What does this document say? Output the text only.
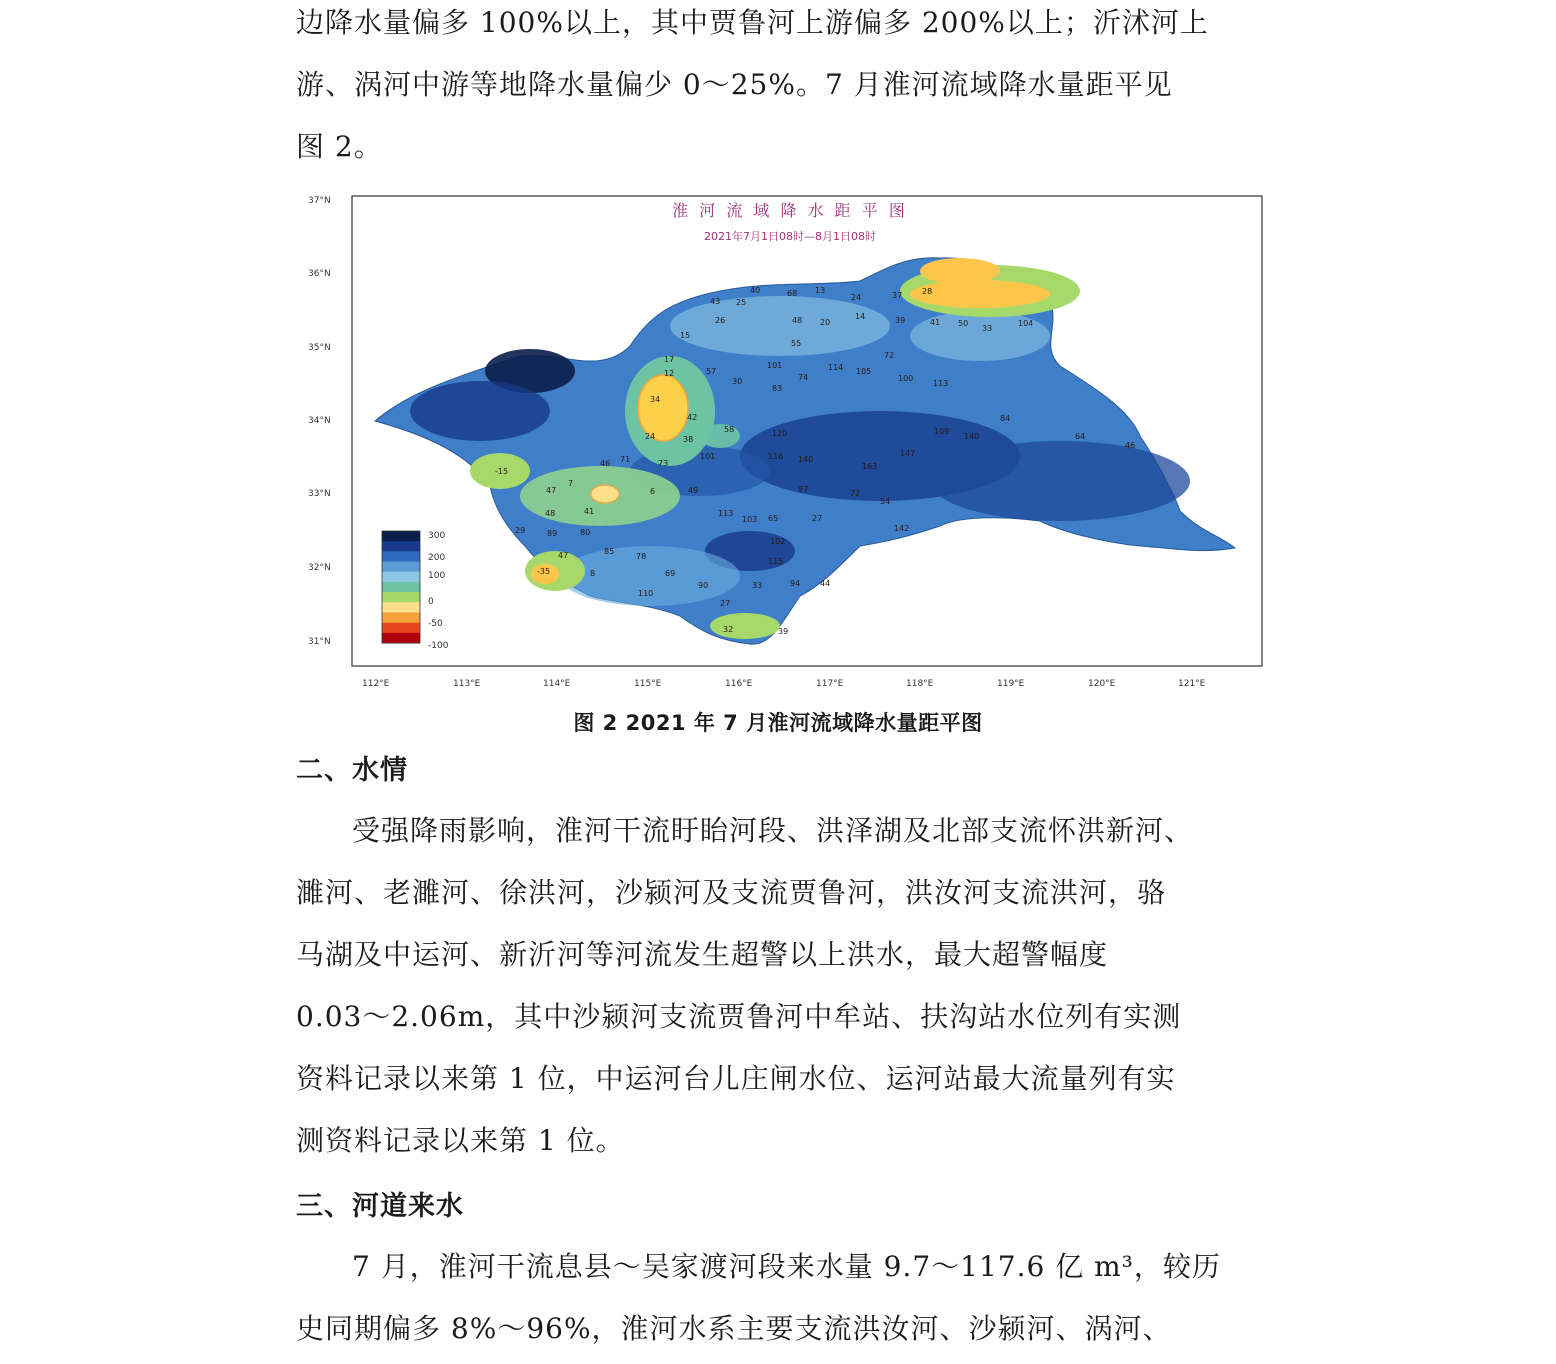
边降水量偏多 100%以上，其中贾鲁河上游偏多 200%以上；沂沭河上
游、涡河中游等地降水量偏少 0～25%。7 月淮河流域降水量距平见
图 2。
淮 河 流 域 降 水 距 平 图
2021年7月1日08时—8月1日08时
37°N
36°N
35°N
34°N
33°N
32°N
31°N
112°E	113°E	114°E	115°E	116°E	117°E	118°E	119°E	120°E	121°E
300
200
100
0
-50
-100
40	68 13
43 25
26	48 20
15
55
101
74
114 105
72
17
12	57
30
83
42
34
24	38
58	120
101	116 140
163
147
109
140
46 71	73
49	97	72
54
113
103 65	27
142
102
115
94 44
90
27
33
32	39
-15
47
7
6
48	41
29	89	80
47	85
78
69
-35	8
110
24	37 28
14	39	41 50
33
104
100
113
84
64
46
图 2 2021 年 7 月淮河流域降水量距平图
二、水情
受强降雨影响，淮河干流盱眙河段、洪泽湖及北部支流怀洪新河、
濉河、老濉河、徐洪河，沙颍河及支流贾鲁河，洪汝河支流洪河，骆
马湖及中运河、新沂河等河流发生超警以上洪水，最大超警幅度
0.03～2.06m，其中沙颍河支流贾鲁河中牟站、扶沟站水位列有实测
资料记录以来第 1 位，中运河台儿庄闸水位、运河站最大流量列有实
测资料记录以来第 1 位。
三、河道来水
7 月，淮河干流息县～吴家渡河段来水量 9.7～117.6 亿 m³，较历
史同期偏多 8%～96%，淮河水系主要支流洪汝河、沙颍河、涡河、
